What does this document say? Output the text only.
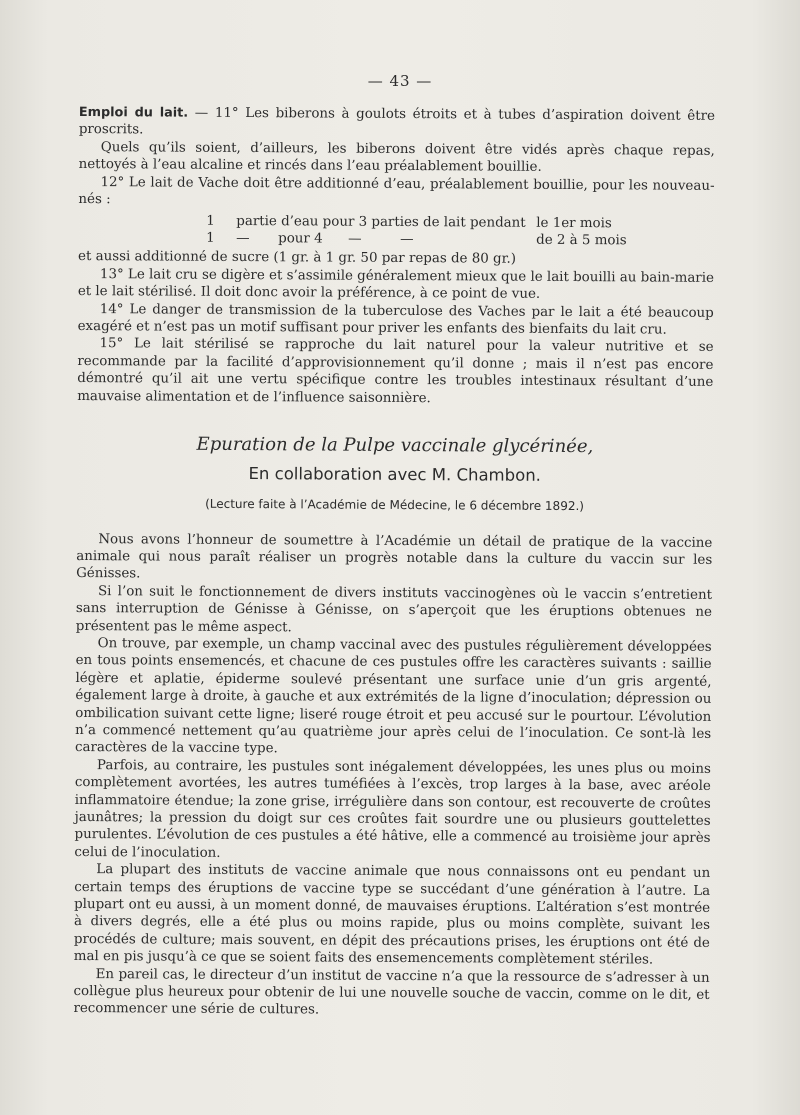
— 43 —

Emploi du lait. — 11° Les biberons à goulots étroits et à tubes d’aspiration doivent être proscrits.

Quels qu’ils soient, d’ailleurs, les biberons doivent être vidés après chaque repas, nettoyés à l’eau alcaline et rincés dans l’eau préalablement bouillie.

12° Le lait de Vache doit être additionné d’eau, préalablement bouillie, pour les nouveau-nés :

1	partie d’eau pour 3 parties de lait pendant le 1er mois
1	—	pour 4	—	—	de 2 à 5 mois

et aussi additionné de sucre (1 gr. à 1 gr. 50 par repas de 80 gr.)

13° Le lait cru se digère et s’assimile généralement mieux que le lait bouilli au bain-marie et le lait stérilisé. Il doit donc avoir la préférence, à ce point de vue.

14° Le danger de transmission de la tuberculose des Vaches par le lait a été beaucoup exagéré et n’est pas un motif suffisant pour priver les enfants des bienfaits du lait cru.

15° Le lait stérilisé se rapproche du lait naturel pour la valeur nutritive et se recommande par la facilité d’approvisionnement qu’il donne ; mais il n’est pas encore démontré qu’il ait une vertu spécifique contre les troubles intestinaux résultant d’une mauvaise alimentation et de l’influence saisonnière.

Epuration de la Pulpe vaccinale glycérinée,
En collaboration avec M. Chambon.
(Lecture faite à l’Académie de Médecine, le 6 décembre 1892.)

Nous avons l’honneur de soumettre à l’Académie un détail de pratique de la vaccine animale qui nous paraît réaliser un progrès notable dans la culture du vaccin sur les Génisses.

Si l’on suit le fonctionnement de divers instituts vaccinogènes où le vaccin s’entretient sans interruption de Génisse à Génisse, on s’aperçoit que les éruptions obtenues ne présentent pas le même aspect.

On trouve, par exemple, un champ vaccinal avec des pustules régulièrement développées en tous points ensemencés, et chacune de ces pustules offre les caractères suivants : saillie légère et aplatie, épiderme soulevé présentant une surface unie d’un gris argenté, également large à droite, à gauche et aux extrémités de la ligne d’inoculation; dépression ou ombilication suivant cette ligne; liseré rouge étroit et peu accusé sur le pourtour. L’évolution n’a commencé nettement qu’au quatrième jour après celui de l’inoculation. Ce sont-là les caractères de la vaccine type.

Parfois, au contraire, les pustules sont inégalement développées, les unes plus ou moins complètement avortées, les autres tuméfiées à l’excès, trop larges à la base, avec aréole inflammatoire étendue; la zone grise, irrégulière dans son contour, est recouverte de croûtes jaunâtres; la pression du doigt sur ces croûtes fait sourdre une ou plusieurs gouttelettes purulentes. L’évolution de ces pustules a été hâtive, elle a commencé au troisième jour après celui de l’inoculation.

La plupart des instituts de vaccine animale que nous connaissons ont eu pendant un certain temps des éruptions de vaccine type se succédant d’une génération à l’autre. La plupart ont eu aussi, à un moment donné, de mauvaises éruptions. L’altération s’est montrée à divers degrés, elle a été plus ou moins rapide, plus ou moins complète, suivant les procédés de culture; mais souvent, en dépit des précautions prises, les éruptions ont été de mal en pis jusqu’à ce que se soient faits des ensemencements complètement stériles.

En pareil cas, le directeur d’un institut de vaccine n’a que la ressource de s’adresser à un collègue plus heureux pour obtenir de lui une nouvelle souche de vaccin, comme on le dit, et recommencer une série de cultures.
